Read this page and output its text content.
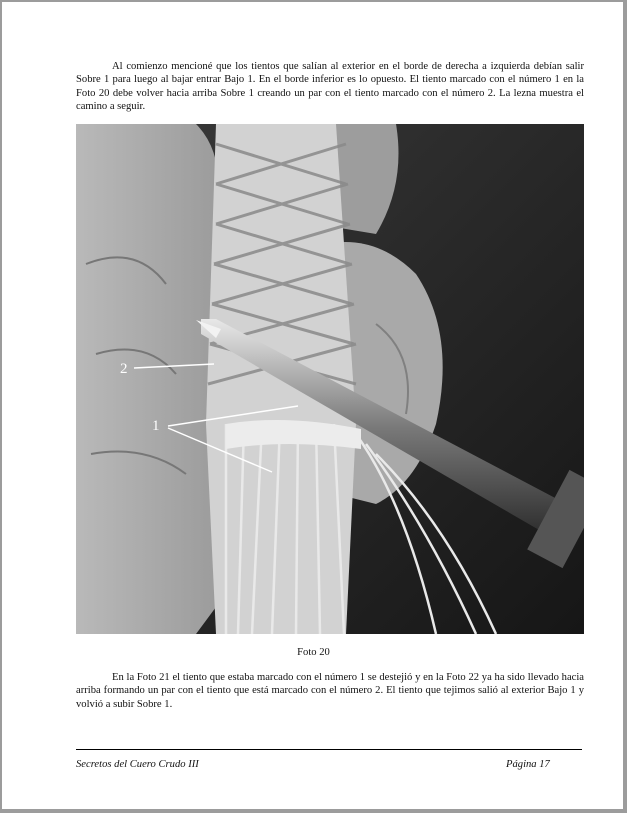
Al comienzo mencioné que los tientos que salían al exterior en el borde de derecha a izquierda debían salir Sobre 1 para luego al bajar entrar Bajo 1. En el borde inferior es lo opuesto. El tiento marcado con el número 1 en la Foto 20 debe volver hacia arriba Sobre 1 creando un par con el tiento marcado con el número 2. La lezna muestra el camino a seguir.

2
1
Foto 20

En la Foto 21 el tiento que estaba marcado con el número 1 se destejió y en la Foto 22 ya ha sido llevado hacia arriba formando un par con el tiento que está marcado con el número 2. El tiento que tejimos salió al exterior Bajo 1 y volvió a subir Sobre 1.

Secretos del Cuero Crudo III	Página 17
